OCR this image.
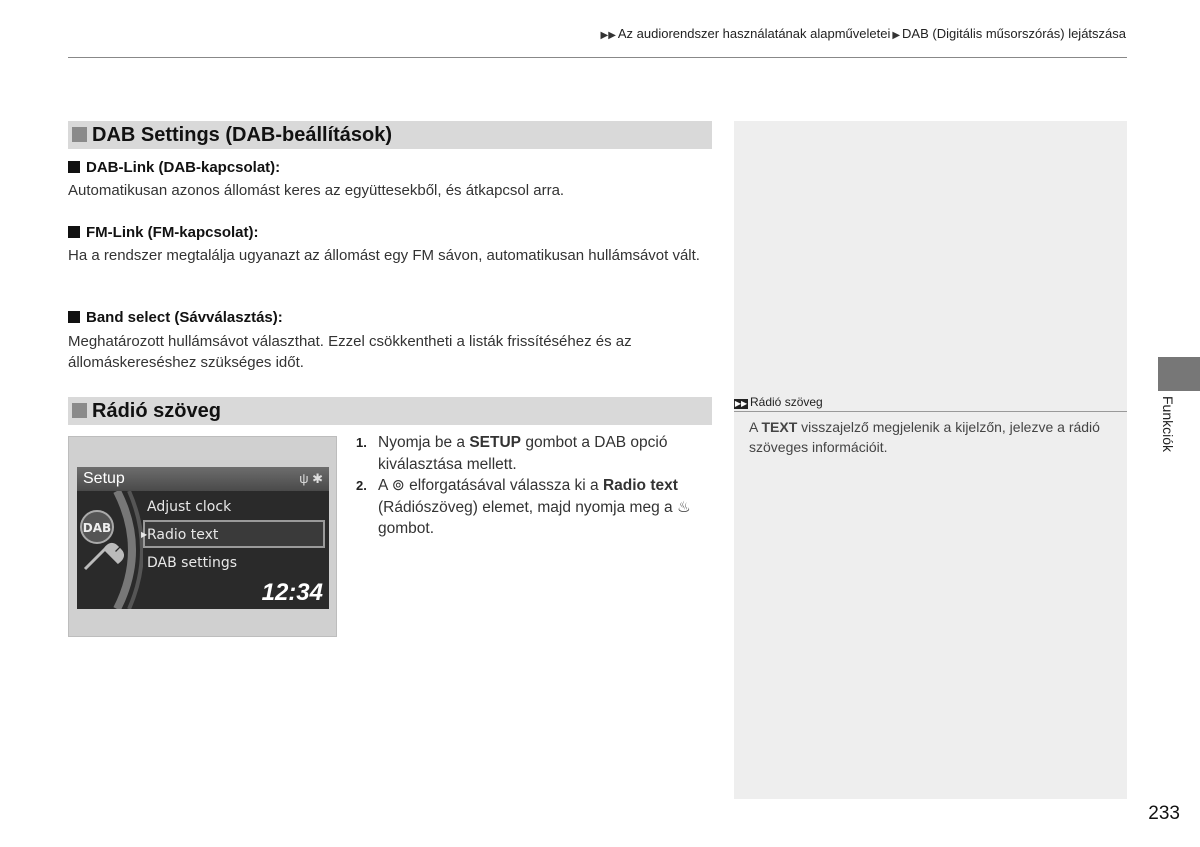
▶▶ Az audiorendszer használatának alapműveletei ▶ DAB (Digitális műsorszórás) lejátszása
DAB Settings (DAB-beállítások)
DAB-Link (DAB-kapcsolat):
Automatikusan azonos állomást keres az együttesekből, és átkapcsol arra.
FM-Link (FM-kapcsolat):
Ha a rendszer megtalálja ugyanazt az állomást egy FM sávon, automatikusan hullámsávot vált.
Band select (Sávválasztás):
Meghatározott hullámsávot választhat. Ezzel csökkentheti a listák frissítéséhez és az állomáskereséshez szükséges időt.
Rádió szöveg
Setup	ψ ✱
DAB
Adjust clock
▶ Radio text
DAB settings
12:34
1. Nyomja be a SETUP gombot a DAB opció kiválasztása mellett.
2. A ⊚ elforgatásával válassza ki a Radio text (Rádiószöveg) elemet, majd nyomja meg a ♨ gombot.
▶▶ Rádió szöveg
A TEXT visszajelző megjelenik a kijelzőn, jelezve a rádió szöveges információit.	Funkciók
233
